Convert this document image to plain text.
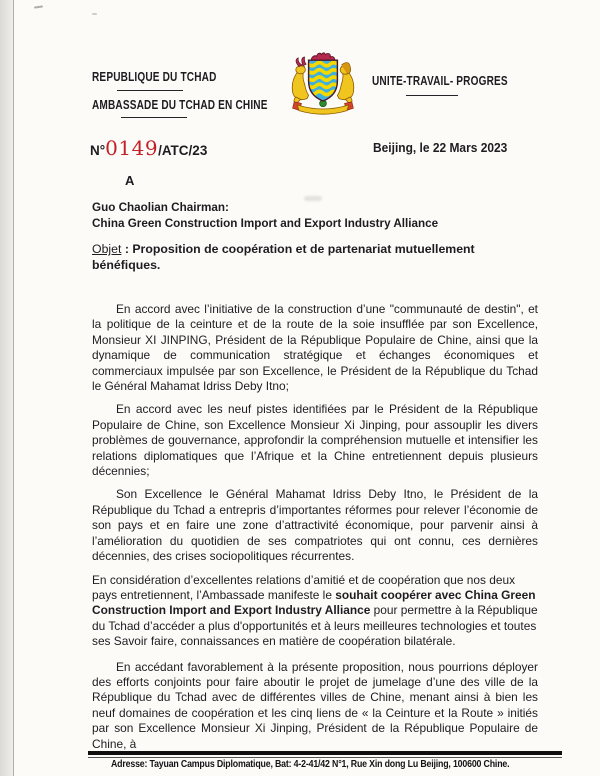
REPUBLIQUE DU TCHAD
AMBASSADE DU TCHAD EN CHINE
UNITE-TRAVAIL- PROGRES
N° 0149 /ATC/23	Beijing, le 22 Mars 2023
A
Guo Chaolian Chairman:
China Green Construction Import and Export Industry Alliance
Objet : Proposition de coopération et de partenariat mutuellement bénéfiques.

En accord avec l’initiative de la construction d’une "communauté de destin", et la politique de la ceinture et de la route de la soie insufflée par son Excellence, Monsieur XI JINPING, Président de la République Populaire de Chine, ainsi que la dynamique de communication stratégique et échanges économiques et commerciaux impulsée par son Excellence, le Président de la République du Tchad le Général Mahamat Idriss Deby Itno;

En accord avec les neuf pistes identifiées par le Président de la République Populaire de Chine, son Excellence Monsieur Xi Jinping, pour assouplir les divers problèmes de gouvernance, approfondir la compréhension mutuelle et intensifier les relations diplomatiques que l’Afrique et la Chine entretiennent depuis plusieurs décennies;

Son Excellence le Général Mahamat Idriss Deby Itno, le Président de la République du Tchad a entrepris d’importantes réformes pour relever l’économie de son pays et en faire une zone d’attractivité économique, pour parvenir ainsi à l’amélioration du quotidien de ses compatriotes qui ont connu, ces dernières décennies, des crises sociopolitiques récurrentes.

En considération d’excellentes relations d’amitié et de coopération que nos deux pays entretiennent, l’Ambassade manifeste le souhait coopérer avec China Green Construction Import and Export Industry Alliance pour permettre à la République du Tchad d’accéder a plus d'opportunités et à leurs meilleures technologies et toutes ses Savoir faire, connaissances en matière de coopération bilatérale.

En accédant favorablement à la présente proposition, nous pourrions déployer des efforts conjoints pour faire aboutir le projet de jumelage d’une des ville de la République du Tchad avec de différentes villes de Chine, menant ainsi à bien les neuf domaines de coopération et les cinq liens de « la Ceinture et la Route » initiés par son Excellence Monsieur Xi Jinping, Président de la République Populaire de Chine, à

Adresse: Tayuan Campus Diplomatique, Bat: 4-2-41/42 N°1, Rue Xin dong Lu Beijing, 100600 Chine.
